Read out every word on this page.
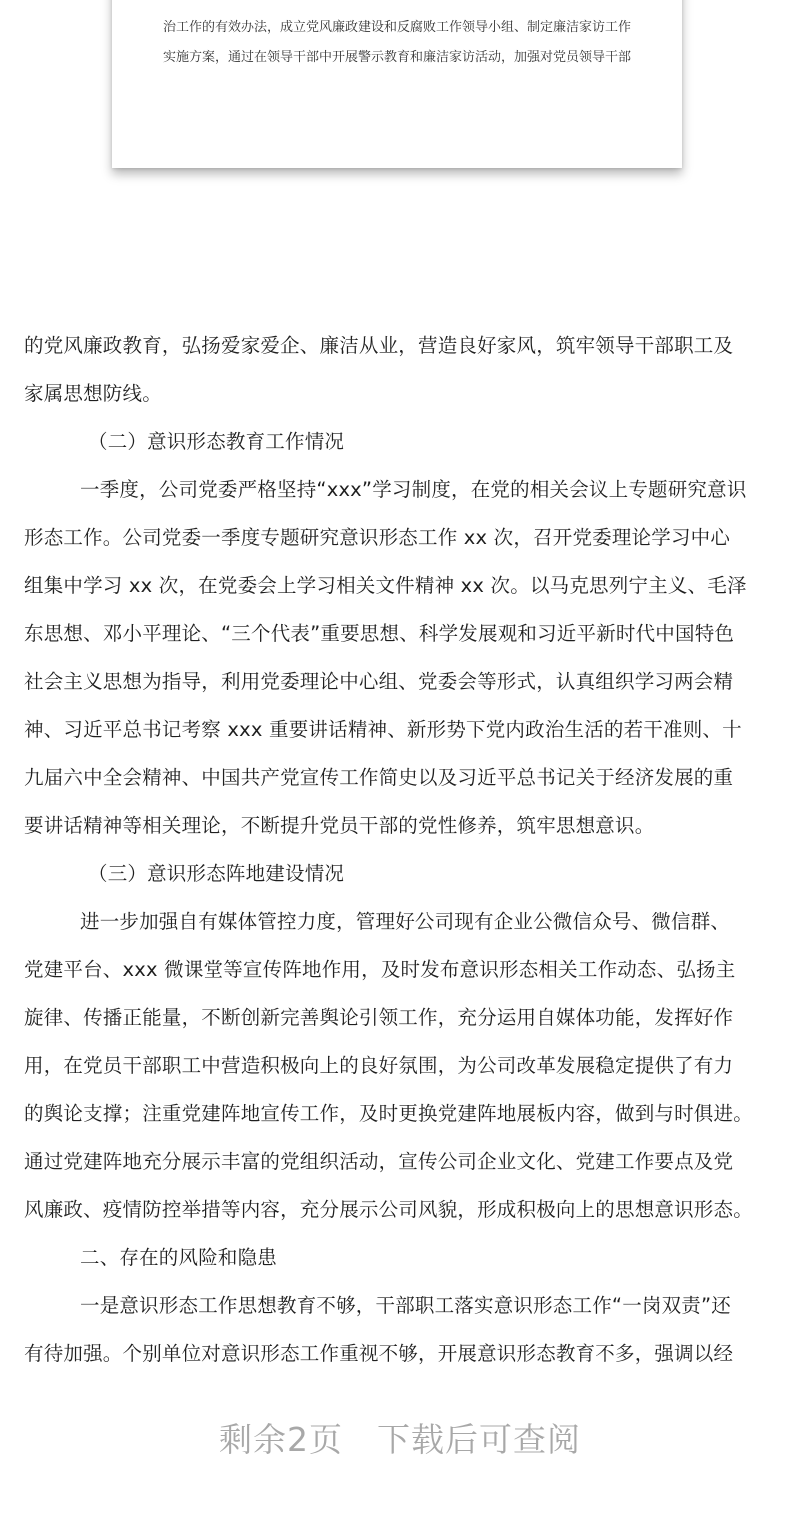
治工作的有效办法，成立党风廉政建设和反腐败工作领导小组、制定廉洁家访工作
实施方案，通过在领导干部中开展警示教育和廉洁家访活动，加强对党员领导干部
的党风廉政教育，弘扬爱家爱企、廉洁从业，营造良好家风，筑牢领导干部职工及
家属思想防线。
（二）意识形态教育工作情况
一季度，公司党委严格坚持“xxx”学习制度，在党的相关会议上专题研究意识
形态工作。公司党委一季度专题研究意识形态工作 xx 次，召开党委理论学习中心
组集中学习 xx 次，在党委会上学习相关文件精神 xx 次。以马克思列宁主义、毛泽
东思想、邓小平理论、“三个代表”重要思想、科学发展观和习近平新时代中国特色
社会主义思想为指导，利用党委理论中心组、党委会等形式，认真组织学习两会精
神、习近平总书记考察 xxx 重要讲话精神、新形势下党内政治生活的若干准则、十
九届六中全会精神、中国共产党宣传工作简史以及习近平总书记关于经济发展的重
要讲话精神等相关理论，不断提升党员干部的党性修养，筑牢思想意识。
（三）意识形态阵地建设情况
进一步加强自有媒体管控力度，管理好公司现有企业公微信众号、微信群、
党建平台、xxx 微课堂等宣传阵地作用，及时发布意识形态相关工作动态、弘扬主
旋律、传播正能量，不断创新完善舆论引领工作，充分运用自媒体功能，发挥好作
用，在党员干部职工中营造积极向上的良好氛围，为公司改革发展稳定提供了有力
的舆论支撑；注重党建阵地宣传工作，及时更换党建阵地展板内容，做到与时俱进。
通过党建阵地充分展示丰富的党组织活动，宣传公司企业文化、党建工作要点及党
风廉政、疫情防控举措等内容，充分展示公司风貌，形成积极向上的思想意识形态。
二、存在的风险和隐患
一是意识形态工作思想教育不够，干部职工落实意识形态工作“一岗双责”还
有待加强。个别单位对意识形态工作重视不够，开展意识形态教育不多，强调以经
剩余2页 下载后可查阅
